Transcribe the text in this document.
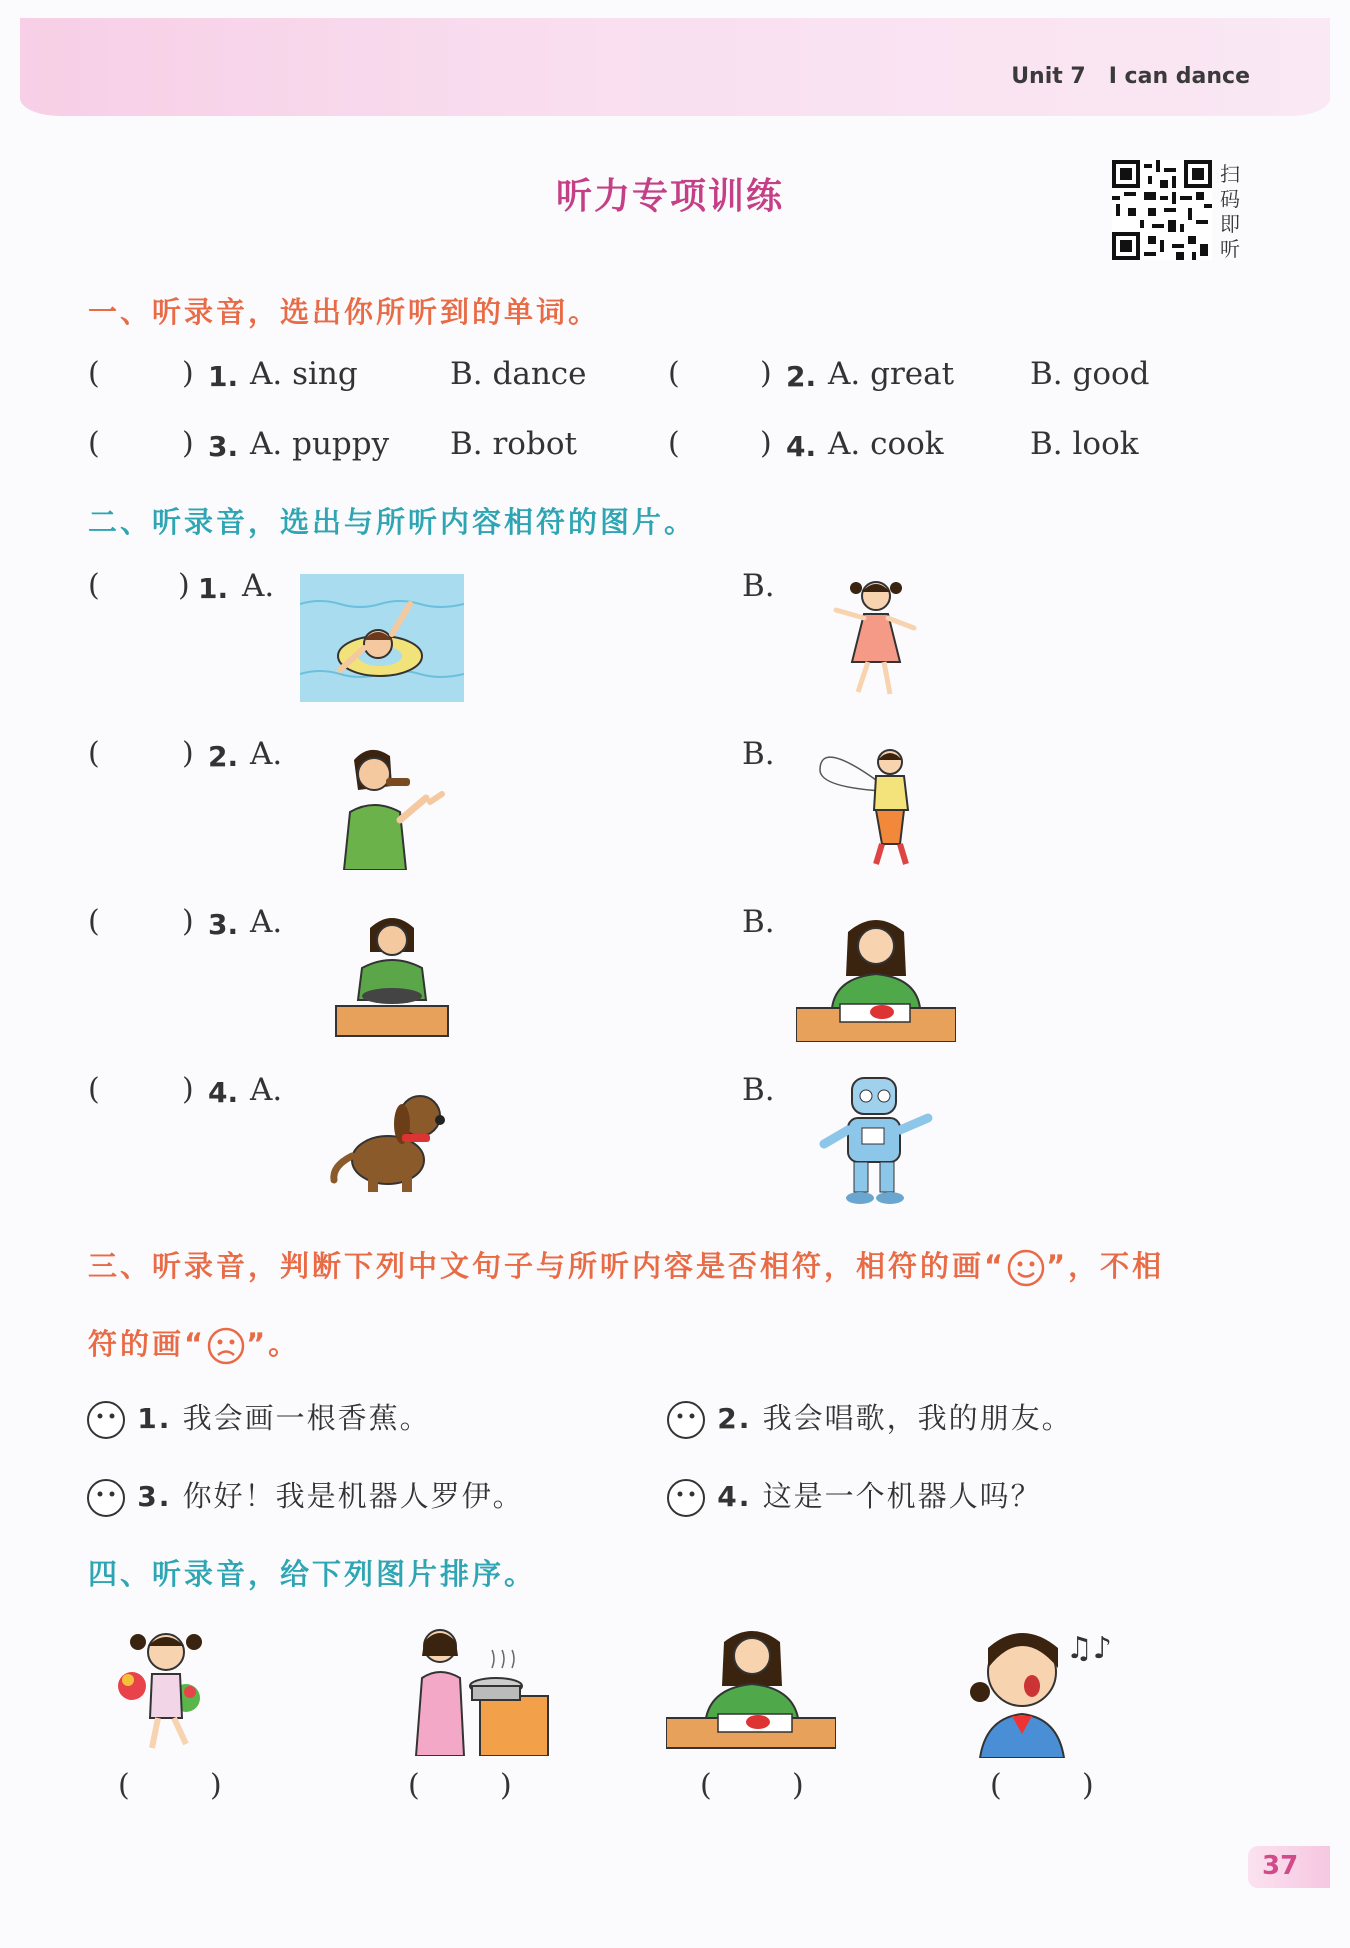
Unit 7   I can dance
听力专项训练
扫码即听
一、听录音，选出你所听到的单词。
(	) 1. A. sing	B. dance	(	) 2. A. great B. good
(	) 3. A. puppy B. robot	(	) 4. A. cook	B. look
二、听录音，选出与所听内容相符的图片。
(	) 1. A.	B.
(	) 2. A.	B.
(	) 3. A.	B.
(	) 4. A.	B.
三、听录音，判断下列中文句子与所听内容是否相符，相符的画“ ”，不相
符的画“ ”。
1. 我会画一根香蕉。	2. 我会唱歌，我的朋友。
3. 你好！我是机器人罗伊。	4. 这是一个机器人吗？
四、听录音，给下列图片排序。
♫♪
(	)	(	)	(	)	(	)
37
